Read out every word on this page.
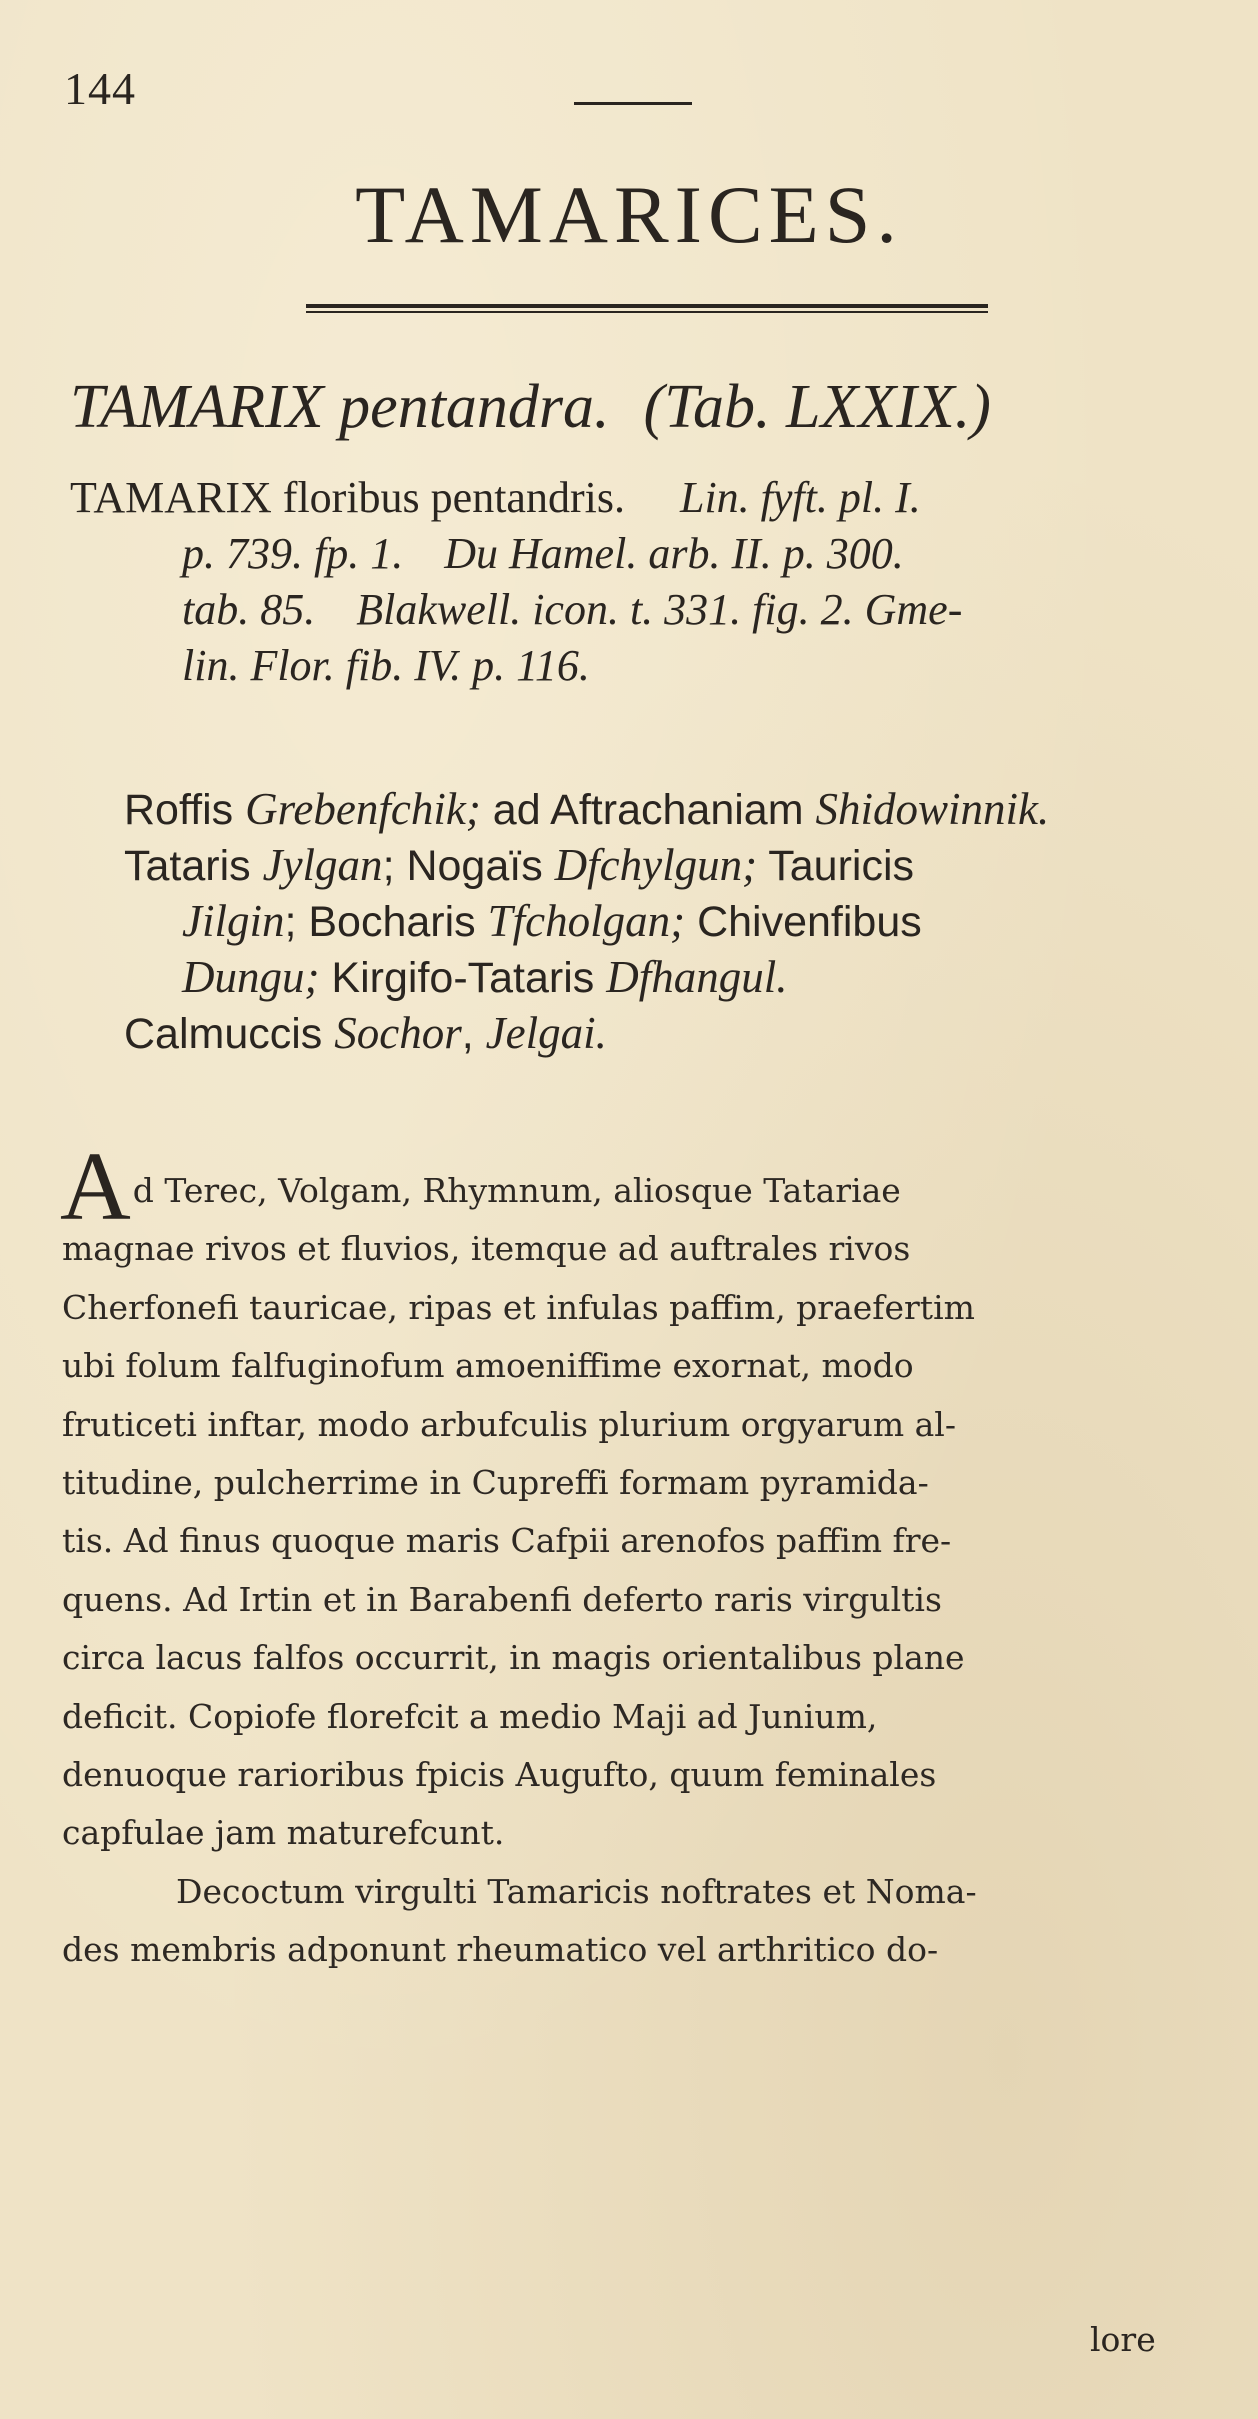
144
TAMARICES.
TAMARIX pentandra. (Tab. LXXIX.)
TAMARIX floribus pentandris. Lin. fyft. pl. I.
p. 739. fp. 1. Du Hamel. arb. II. p. 300.
tab. 85. Blakwell. icon. t. 331. fig. 2. Gme-
lin. Flor. fib. IV. p. 116.
Roffis Grebenfchik; ad Aftrachaniam Shidowinnik.
Tataris Jylgan; Nogaïs Dfchylgun; Tauricis
Jilgin; Bocharis Tfcholgan; Chivenfibus
Dungu; Kirgifo-Tataris Dfhangul.
Calmuccis Sochor, Jelgai.
Ad Terec, Volgam, Rhymnum, aliosque Tatariae
magnae rivos et fluvios, itemque ad auftrales rivos
Cherfonefi tauricae, ripas et infulas paffim, praefertim
ubi folum falfuginofum amoeniffime exornat, modo
fruticeti inftar, modo arbufculis plurium orgyarum al-
titudine, pulcherrime in Cupreffi formam pyramida-
tis. Ad finus quoque maris Cafpii arenofos paffim fre-
quens. Ad Irtin et in Barabenfi deferto raris virgultis
circa lacus falfos occurrit, in magis orientalibus plane
deficit. Copiofe florefcit a medio Maji ad Junium,
denuoque rarioribus fpicis Augufto, quum feminales
capfulae jam maturefcunt.
Decoctum virgulti Tamaricis noftrates et Noma-
des membris adponunt rheumatico vel arthritico do-
lore
